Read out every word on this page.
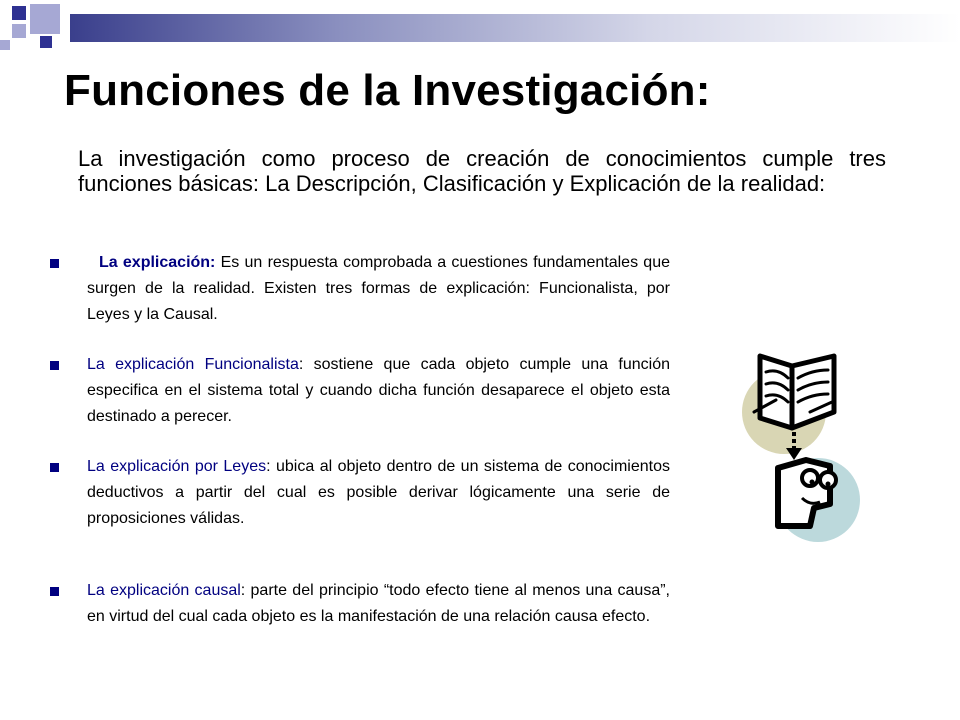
Funciones de la Investigación:

La investigación como proceso de creación de conocimientos cumple tres funciones básicas: La Descripción, Clasificación y Explicación de la realidad:

La explicación: Es un respuesta comprobada a cuestiones fundamentales que surgen de la realidad. Existen tres formas de explicación: Funcionalista, por Leyes y la Causal.

La explicación Funcionalista: sostiene que cada objeto cumple una función especifica en el sistema total y cuando dicha función desaparece el objeto esta destinado a perecer.

La explicación por Leyes: ubica al objeto dentro de un sistema de conocimientos deductivos a partir del cual es posible derivar lógicamente una serie de proposiciones válidas.

La explicación causal: parte del principio “todo efecto tiene al menos una causa”, en virtud del cual cada objeto es la manifestación de una relación causa efecto.
